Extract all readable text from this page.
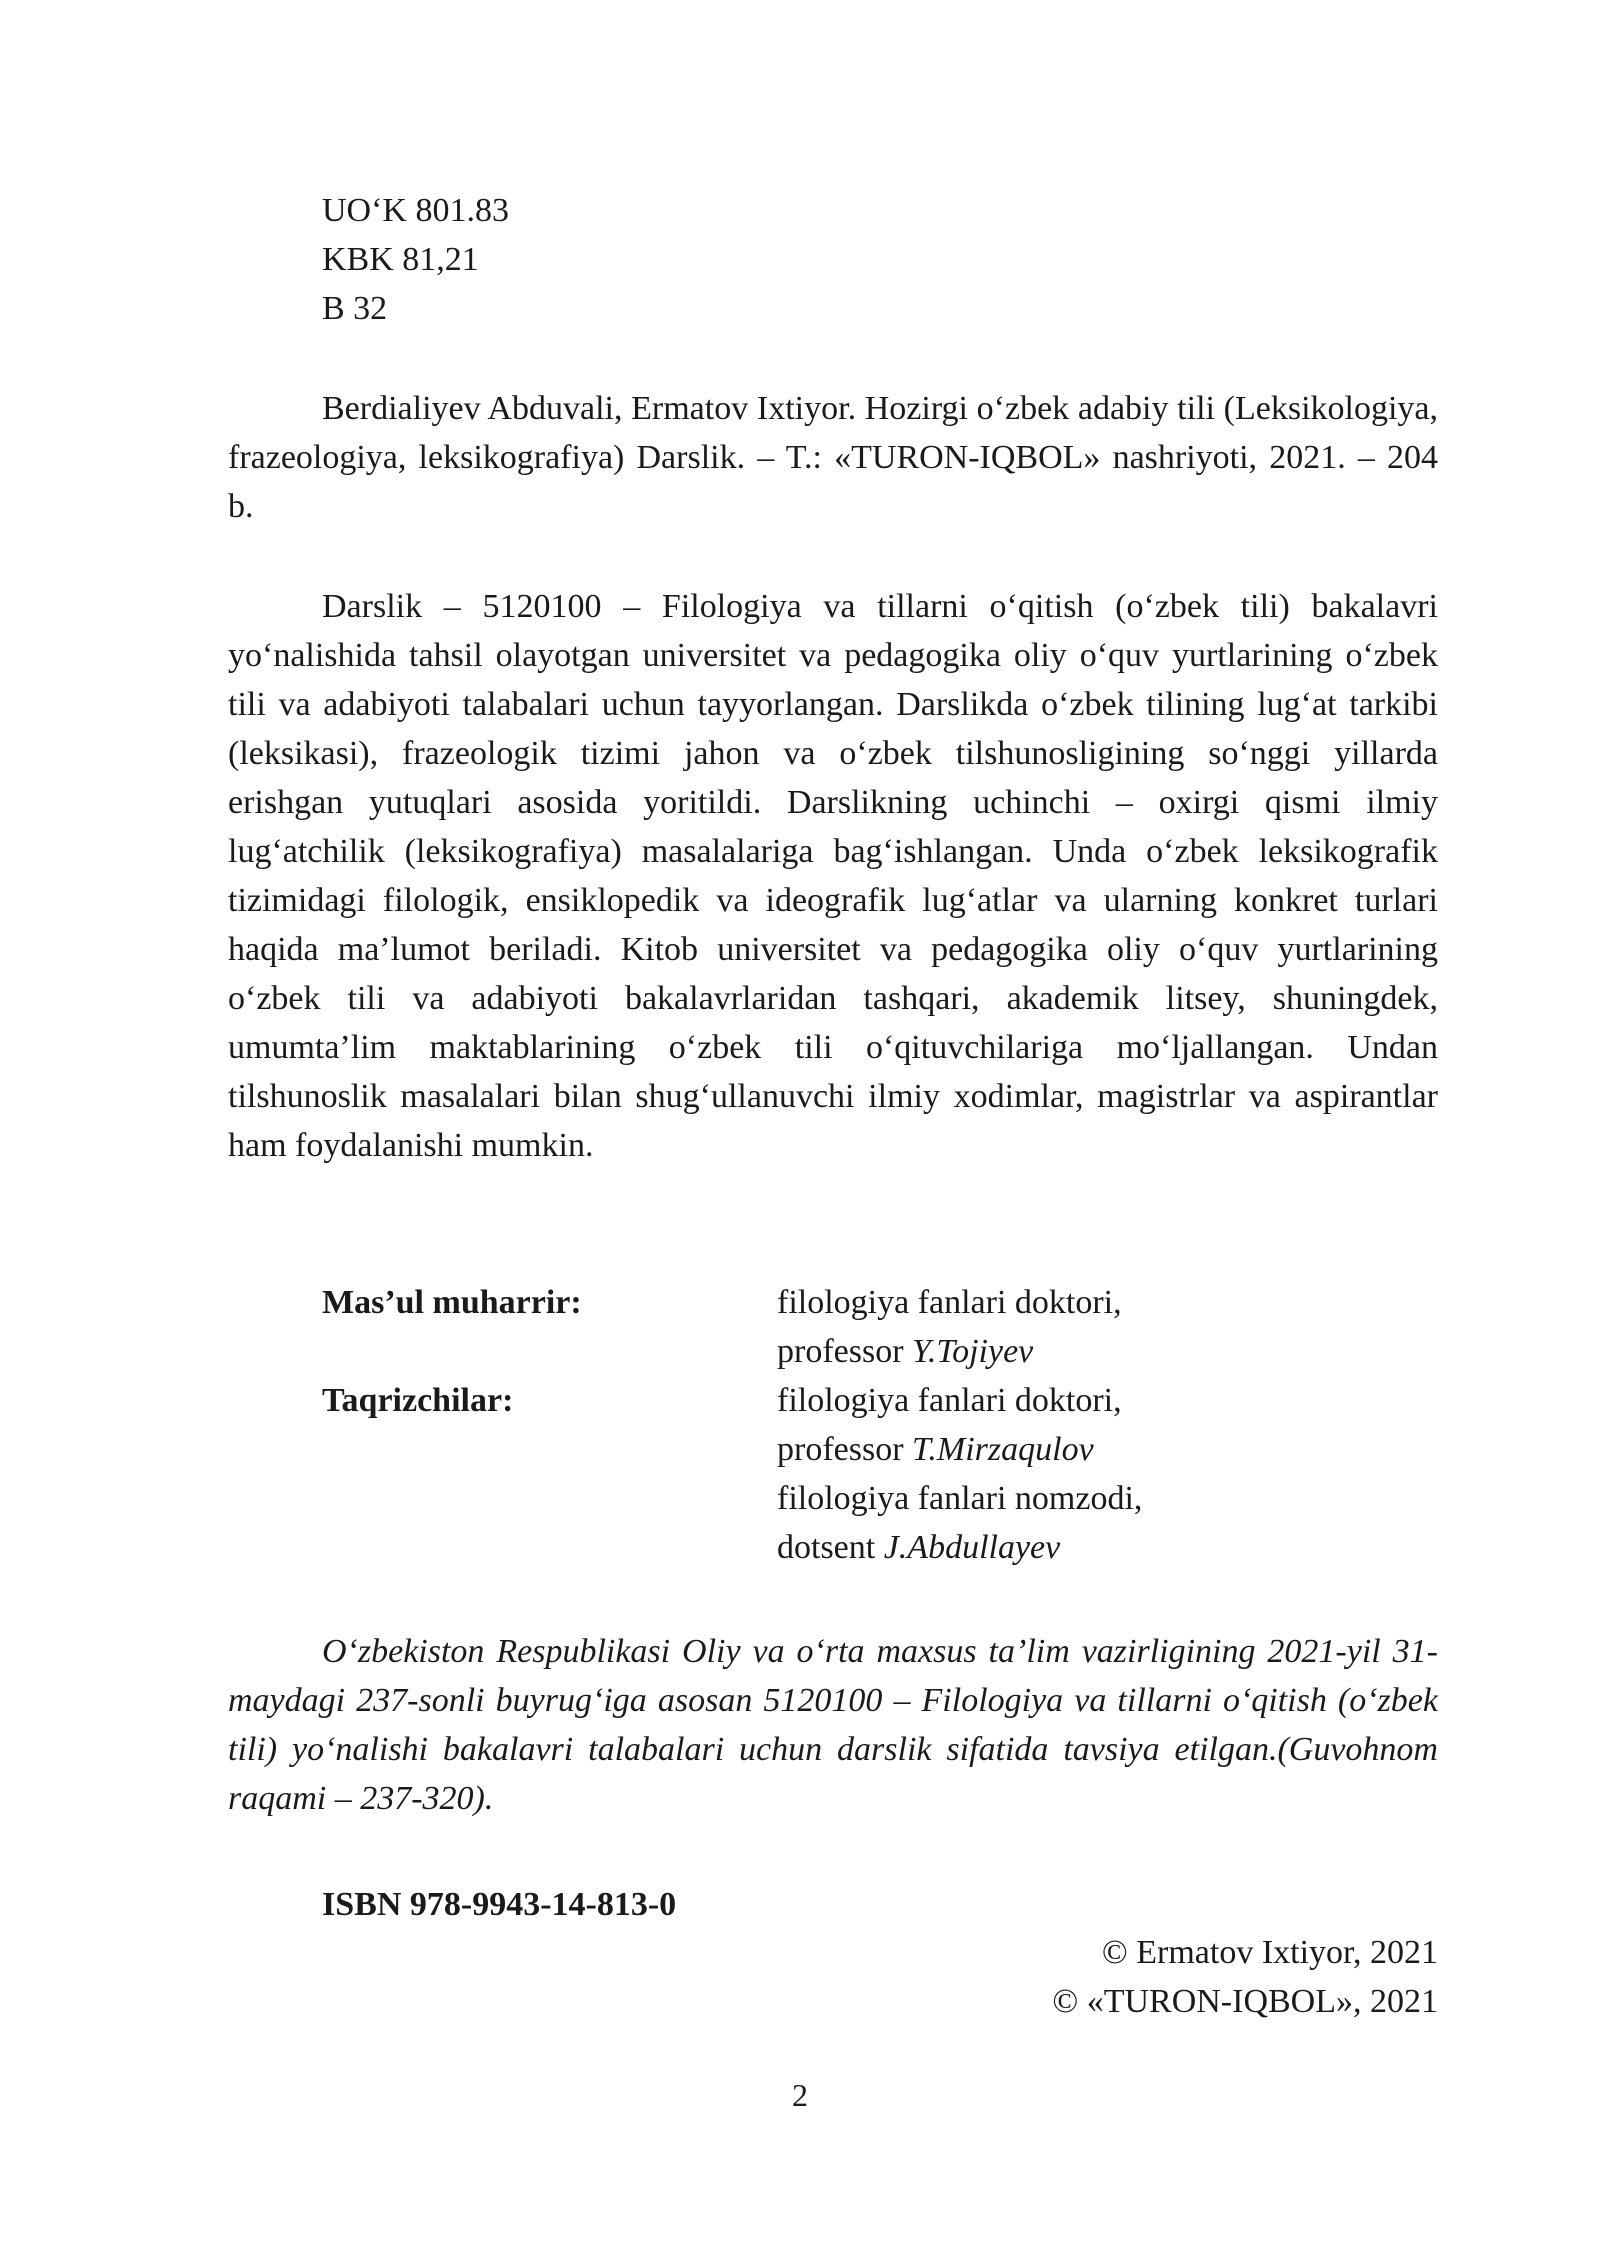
UO‘K 801.83
KBK 81,21
B 32

Berdialiyev Abduvali, Ermatov Ixtiyor. Hozirgi o‘zbek adabiy tili (Leksikologiya, frazeologiya, leksikografiya) Darslik. – T.: «TURON-IQBOL» nashriyoti, 2021. – 204 b.

Darslik – 5120100 – Filologiya va tillarni o‘qitish (o‘zbek tili) bakalavri yo‘nalishida tahsil olayotgan universitet va pedagogika oliy o‘quv yurtlarining o‘zbek tili va adabiyoti talabalari uchun tayyorlangan. Darslikda o‘zbek tilining lug‘at tarkibi (leksikasi), frazeologik tizimi jahon va o‘zbek tilshunosligining so‘nggi yillarda erishgan yutuqlari asosida yoritildi. Darslikning uchinchi – oxirgi qismi ilmiy lug‘atchilik (leksikografiya) masalalariga bag‘ishlangan. Unda o‘zbek leksikografik tizimidagi filologik, ensiklopedik va ideografik lug‘atlar va ularning konkret turlari haqida ma’lumot beriladi. Kitob universitet va pedagogika oliy o‘quv yurtlarining o‘zbek tili va adabiyoti bakalavrlaridan tashqari, akademik litsey, shuningdek, umumta’lim maktablarining o‘zbek tili o‘qituvchilariga mo‘ljallangan. Undan tilshunoslik masalalari bilan shug‘ullanuvchi ilmiy xodimlar, magistrlar va aspirantlar ham foydalanishi mumkin.

Mas’ul muharrir:	filologiya fanlari doktori,
professor Y.Tojiyev
Taqrizchilar:	filologiya fanlari doktori,
professor T.Mirzaqulov
filologiya fanlari nomzodi,
dotsent J.Abdullayev

O‘zbekiston Respublikasi Oliy va o‘rta maxsus ta’lim vazirligining 2021-yil 31-maydagi 237-sonli buyrug‘iga asosan 5120100 – Filologiya va tillarni o‘qitish (o‘zbek tili) yo‘nalishi bakalavri talabalari uchun darslik sifatida tavsiya etilgan.(Guvohnom raqami – 237-320).

ISBN 978-9943-14-813-0
© Ermatov Ixtiyor, 2021
© «TURON-IQBOL», 2021
2
